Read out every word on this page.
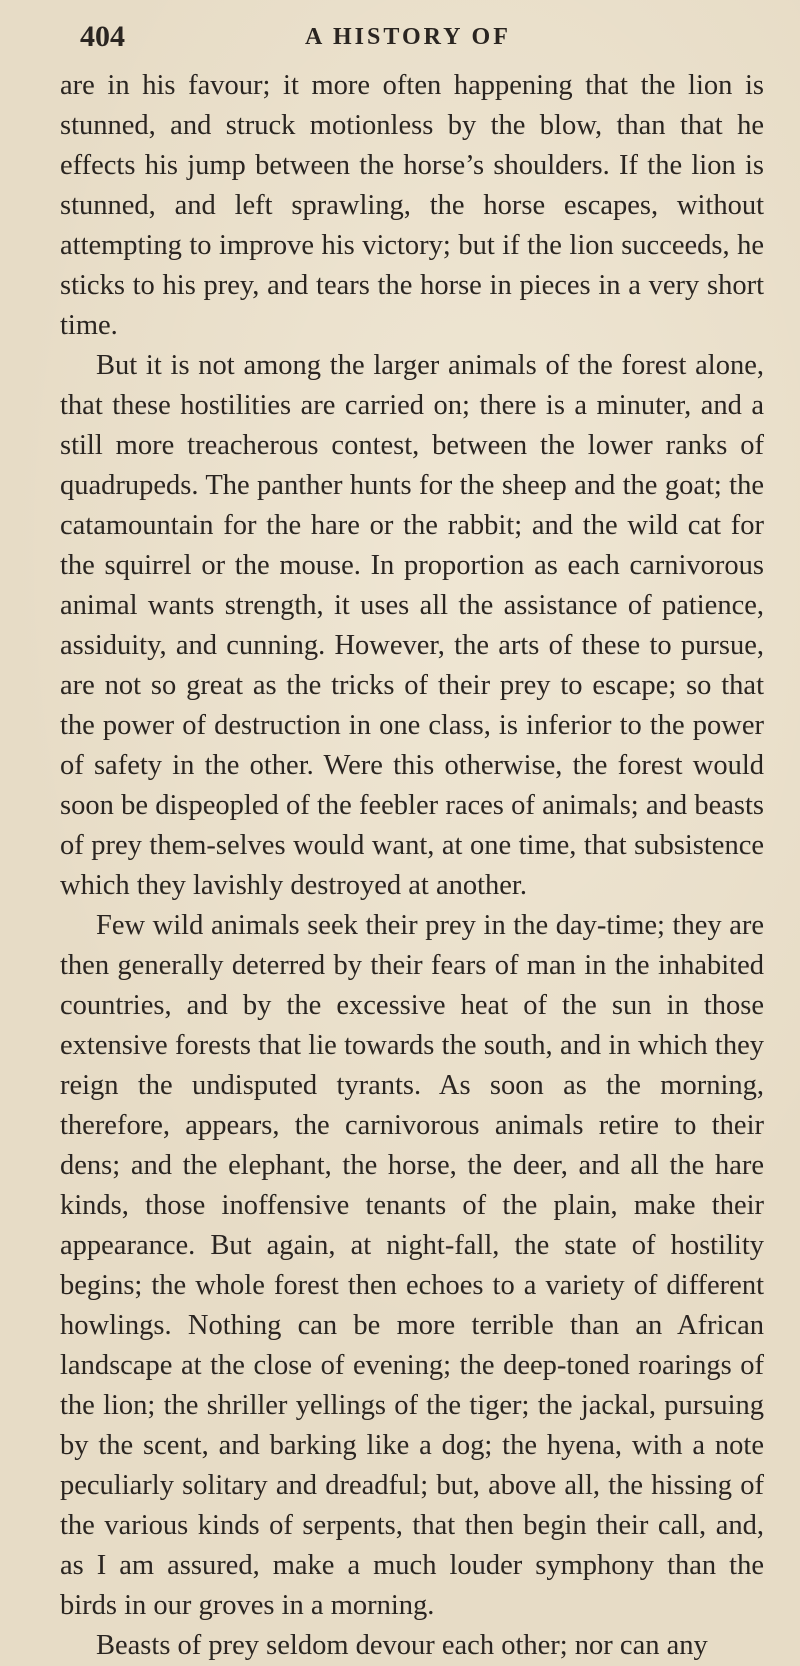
404	A HISTORY OF

are in his favour; it more often happening that the lion is stunned, and struck motionless by the blow, than that he effects his jump between the horse’s shoulders. If the lion is stunned, and left sprawling, the horse escapes, without attempting to improve his victory; but if the lion succeeds, he sticks to his prey, and tears the horse in pieces in a very short time.

But it is not among the larger animals of the forest alone, that these hostilities are carried on; there is a minuter, and a still more treacherous contest, between the lower ranks of quadrupeds. The panther hunts for the sheep and the goat; the catamountain for the hare or the rabbit; and the wild cat for the squirrel or the mouse. In proportion as each carnivorous animal wants strength, it uses all the assistance of patience, assiduity, and cunning. However, the arts of these to pursue, are not so great as the tricks of their prey to escape; so that the power of destruction in one class, is inferior to the power of safety in the other. Were this otherwise, the forest would soon be dispeopled of the feebler races of animals; and beasts of prey them-selves would want, at one time, that subsistence which they lavishly destroyed at another.

Few wild animals seek their prey in the day-time; they are then generally deterred by their fears of man in the inhabited countries, and by the excessive heat of the sun in those extensive forests that lie towards the south, and in which they reign the undisputed tyrants. As soon as the morning, therefore, appears, the carnivorous animals retire to their dens; and the elephant, the horse, the deer, and all the hare kinds, those inoffensive tenants of the plain, make their appearance. But again, at night-fall, the state of hostility begins; the whole forest then echoes to a variety of different howlings. Nothing can be more terrible than an African landscape at the close of evening; the deep-toned roarings of the lion; the shriller yellings of the tiger; the jackal, pursuing by the scent, and barking like a dog; the hyena, with a note peculiarly solitary and dreadful; but, above all, the hissing of the various kinds of serpents, that then begin their call, and, as I am assured, make a much louder symphony than the birds in our groves in a morning.

Beasts of prey seldom devour each other; nor can any
